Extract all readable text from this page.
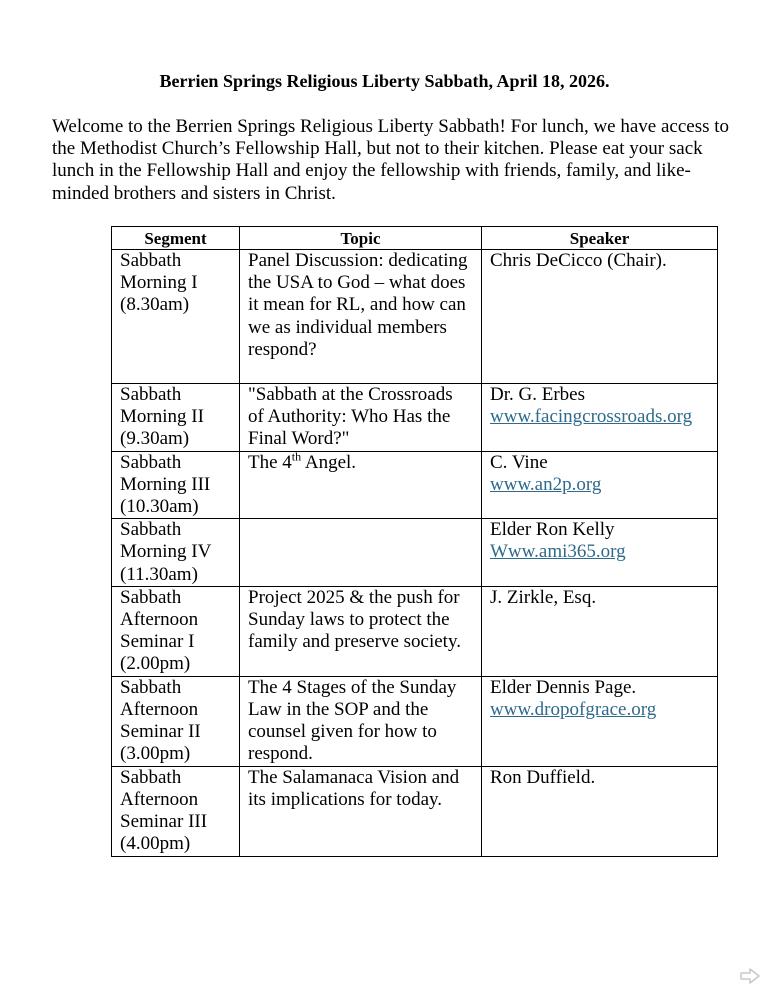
Berrien Springs Religious Liberty Sabbath, April 18, 2026.
Welcome to the Berrien Springs Religious Liberty Sabbath! For lunch, we have access to the Methodist Church’s Fellowship Hall, but not to their kitchen. Please eat your sack lunch in the Fellowship Hall and enjoy the fellowship with friends, family, and like-minded brothers and sisters in Christ.
Segment	Topic	Speaker
Sabbath Morning I (8.30am)	Panel Discussion: dedicating the USA to God – what does it mean for RL, and how can we as individual members respond?	Chris DeCicco (Chair).

Sabbath Morning II (9.30am)	"Sabbath at the Crossroads of Authority: Who Has the Final Word?"	Dr. G. Erbes
www.facingcrossroads.org
Sabbath Morning III (10.30am)	The 4th Angel.	C. Vine
www.an2p.org
Sabbath Morning IV (11.30am)		Elder Ron Kelly
Www.ami365.org
Sabbath Afternoon Seminar I (2.00pm)	Project 2025 & the push for Sunday laws to protect the family and preserve society.	J. Zirkle, Esq.

Sabbath Afternoon Seminar II (3.00pm)	The 4 Stages of the Sunday Law in the SOP and the counsel given for how to respond.	Elder Dennis Page.
www.dropofgrace.org
Sabbath Afternoon Seminar III (4.00pm)	The Salamanaca Vision and its implications for today.	Ron Duffield.
